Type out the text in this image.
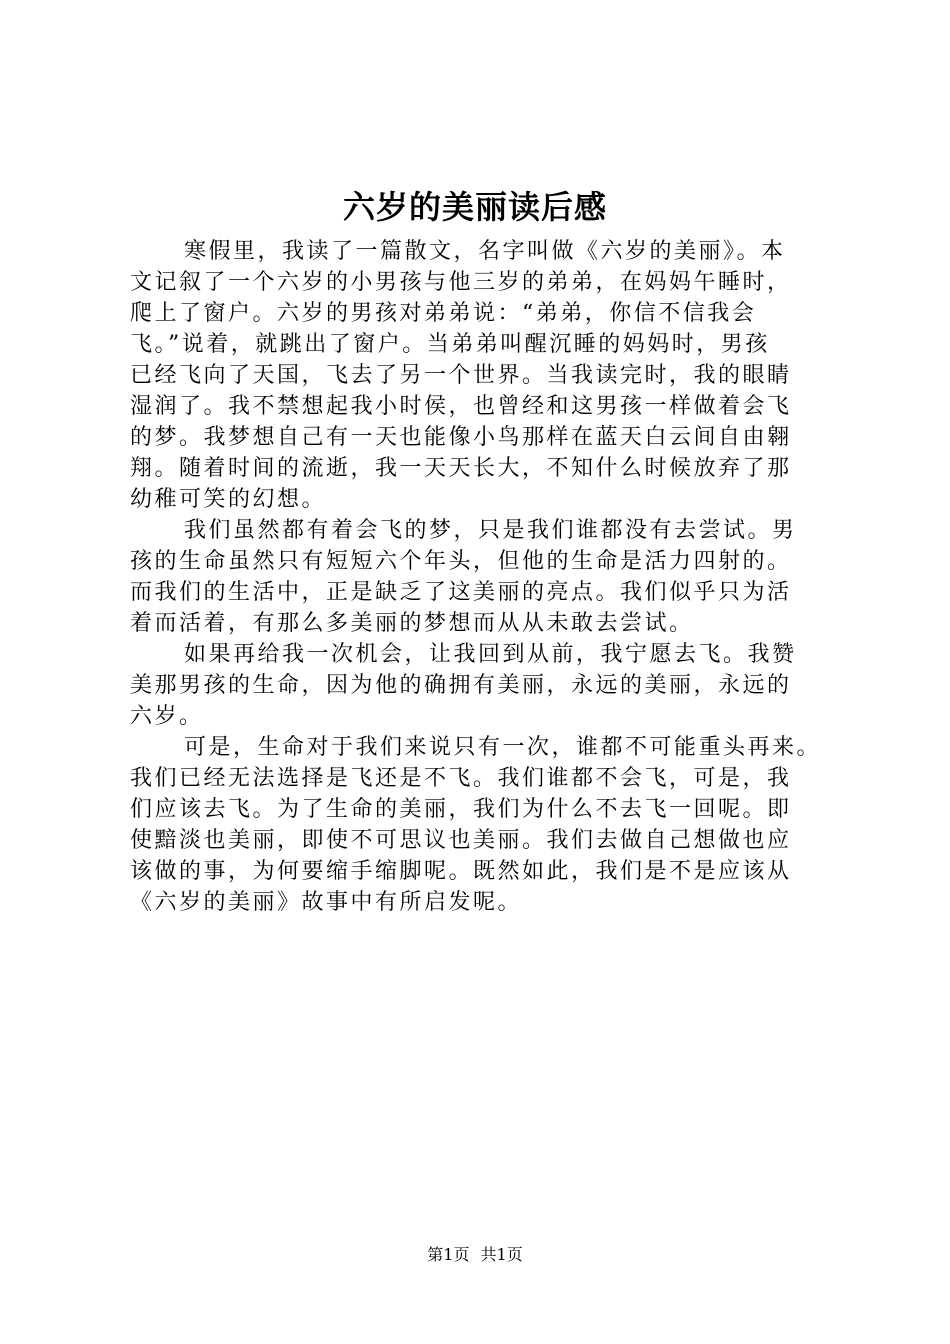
六岁的美丽读后感

寒假里，我读了一篇散文，名字叫做《六岁的美丽》。本
文记叙了一个六岁的小男孩与他三岁的弟弟，在妈妈午睡时，
爬上了窗户。六岁的男孩对弟弟说：“弟弟，你信不信我会
飞。”说着，就跳出了窗户。当弟弟叫醒沉睡的妈妈时，男孩
已经飞向了天国，飞去了另一个世界。当我读完时，我的眼睛
湿润了。我不禁想起我小时侯，也曾经和这男孩一样做着会飞
的梦。我梦想自己有一天也能像小鸟那样在蓝天白云间自由翱
翔。随着时间的流逝，我一天天长大，不知什么时候放弃了那
幼稚可笑的幻想。

我们虽然都有着会飞的梦，只是我们谁都没有去尝试。男
孩的生命虽然只有短短六个年头，但他的生命是活力四射的。
而我们的生活中，正是缺乏了这美丽的亮点。我们似乎只为活
着而活着，有那么多美丽的梦想而从从未敢去尝试。

如果再给我一次机会，让我回到从前，我宁愿去飞。我赞
美那男孩的生命，因为他的确拥有美丽，永远的美丽，永远的
六岁。

可是，生命对于我们来说只有一次，谁都不可能重头再来。
我们已经无法选择是飞还是不飞。我们谁都不会飞，可是，我
们应该去飞。为了生命的美丽，我们为什么不去飞一回呢。即
使黯淡也美丽，即使不可思议也美丽。我们去做自己想做也应
该做的事，为何要缩手缩脚呢。既然如此，我们是不是应该从
《六岁的美丽》故事中有所启发呢。

第1页 共1页
